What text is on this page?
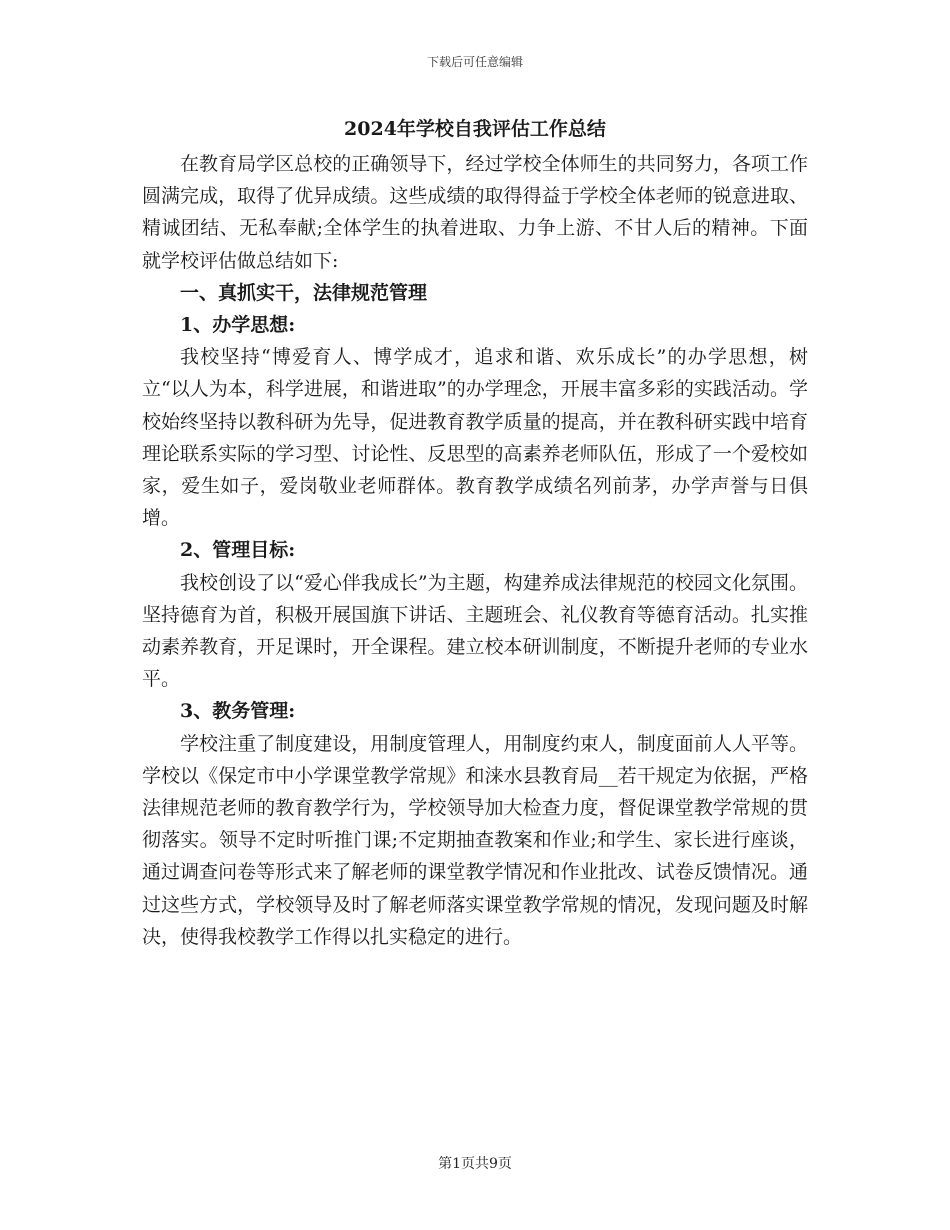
下载后可任意编辑
2024年学校自我评估工作总结

在教育局学区总校的正确领导下，经过学校全体师生的共同努力，各项工作圆满完成，取得了优异成绩。这些成绩的取得得益于学校全体老师的锐意进取、精诚团结、无私奉献;全体学生的执着进取、力争上游、不甘人后的精神。下面就学校评估做总结如下:

一、真抓实干，法律规范管理

1、办学思想:

我校坚持“博爱育人、博学成才，追求和谐、欢乐成长”的办学思想，树立“以人为本，科学进展，和谐进取”的办学理念，开展丰富多彩的实践活动。学校始终坚持以教科研为先导，促进教育教学质量的提高，并在教科研实践中培育理论联系实际的学习型、讨论性、反思型的高素养老师队伍，形成了一个爱校如家，爱生如子，爱岗敬业老师群体。教育教学成绩名列前茅，办学声誉与日俱增。

2、管理目标:

我校创设了以“爱心伴我成长”为主题，构建养成法律规范的校园文化氛围。坚持德育为首，积极开展国旗下讲话、主题班会、礼仪教育等德育活动。扎实推动素养教育，开足课时，开全课程。建立校本研训制度，不断提升老师的专业水平。

3、教务管理:

学校注重了制度建设，用制度管理人，用制度约束人，制度面前人人平等。学校以《保定市中小学课堂教学常规》和涞水县教育局__若干规定为依据，严格法律规范老师的教育教学行为，学校领导加大检查力度，督促课堂教学常规的贯彻落实。领导不定时听推门课;不定期抽查教案和作业;和学生、家长进行座谈，通过调查问卷等形式来了解老师的课堂教学情况和作业批改、试卷反馈情况。通过这些方式，学校领导及时了解老师落实课堂教学常规的情况，发现问题及时解决，使得我校教学工作得以扎实稳定的进行。

第1页共9页
